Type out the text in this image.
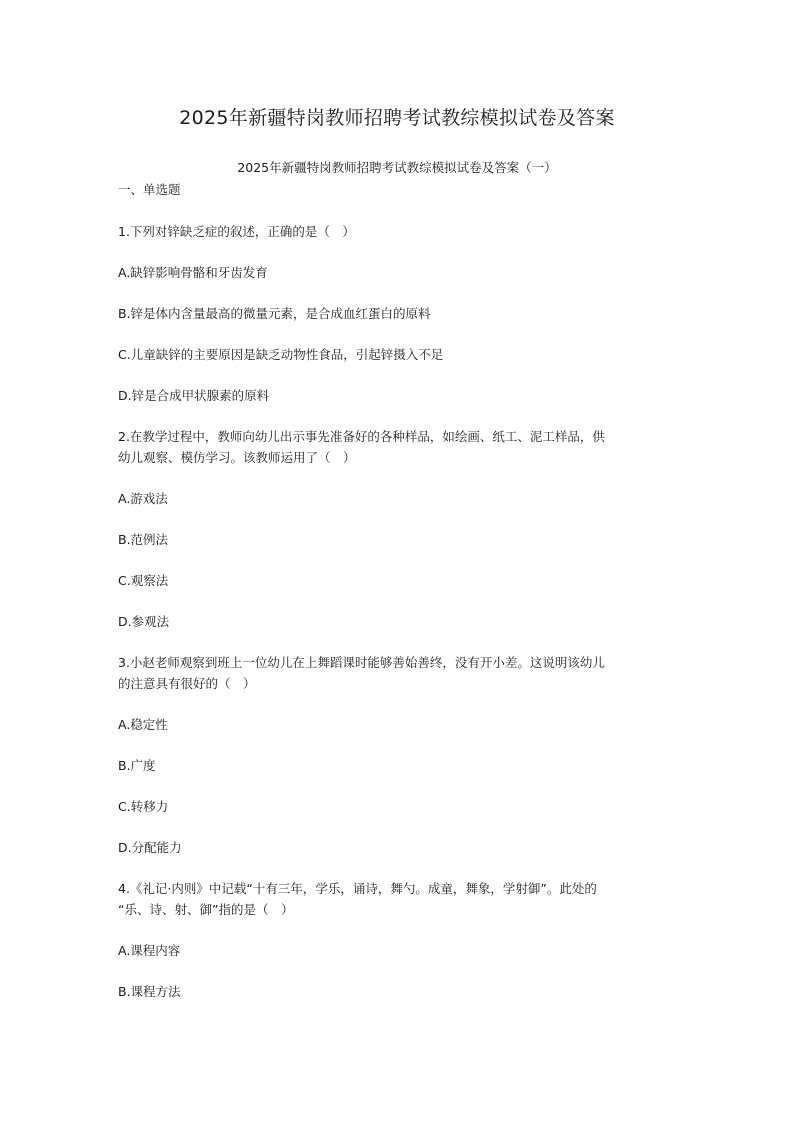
2025年新疆特岗教师招聘考试教综模拟试卷及答案
2025年新疆特岗教师招聘考试教综模拟试卷及答案（一）
一、单选题
1.下列对锌缺乏症的叙述，正确的是（　）
A.缺锌影响骨骼和牙齿发育
B.锌是体内含量最高的微量元素，是合成血红蛋白的原料
C.儿童缺锌的主要原因是缺乏动物性食品，引起锌摄入不足
D.锌是合成甲状腺素的原料
2.在教学过程中，教师向幼儿出示事先准备好的各种样品，如绘画、纸工、泥工样品，供
幼儿观察、模仿学习。该教师运用了（　）
A.游戏法
B.范例法
C.观察法
D.参观法
3.小赵老师观察到班上一位幼儿在上舞蹈课时能够善始善终，没有开小差。这说明该幼儿
的注意具有很好的（　）
A.稳定性
B.广度
C.转移力
D.分配能力
4.《礼记·内则》中记载“十有三年，学乐，诵诗，舞勺。成童，舞象，学射御”。此处的
“乐、诗、射、御”指的是（　）
A.课程内容
B.课程方法
